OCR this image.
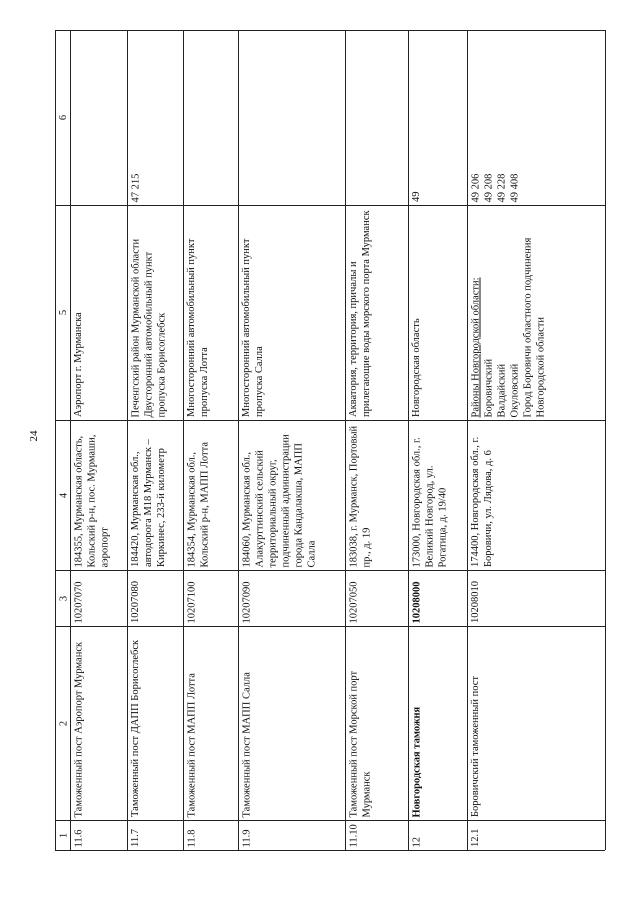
24
1
2
3
4
5
6
11.6
Таможенный пост Аэропорт Мурманск
10207070
184355, Мурманская область, Кольский р-н, пос. Мурмаши, аэропорт
Аэропорт г. Мурманска
11.7
Таможенный пост ДАПП Борисоглебск
10207080
184420, Мурманская обл., автодорога М18 Мурманск – Киркинес, 233-й километр
Печенгский район Мурманской области
Двусторонний автомобильный пункт пропуска Борисоглебск
47 215
11.8
Таможенный пост МАПП Лотта
10207100
184354, Мурманская обл., Кольский р-н, МАПП Лотта
Многосторонний автомобильный пункт пропуска Лотта
11.9
Таможенный пост МАПП Салла
10207090
184060, Мурманская обл., Алакурттинский сельский территориальный округ, подчиненный администрации города Кандалакша, МАПП Салла
Многосторонний автомобильный пункт пропуска Салла
11.10
Таможенный пост Морской порт Мурманск
10207050
183038, г. Мурманск, Портовый пр., д. 19
Акватория, территория, причалы и прилегающие воды морского порта Мурманск
12
Новгородская таможня
10208000
173000, Новгородская обл., г. Великий Новгород, ул. Рогатица, д. 19/40
Новгородская область
49
12.1
Боровичский таможенный пост
10208010
174400, Новгородская обл., г. Боровичи, ул. Лядова, д. 6
Районы Новгородской области: Боровичский
Валдайский
Окуловский
Город Боровичи областного подчинения Новгородской области
49 206
49 208
49 228
49 408
